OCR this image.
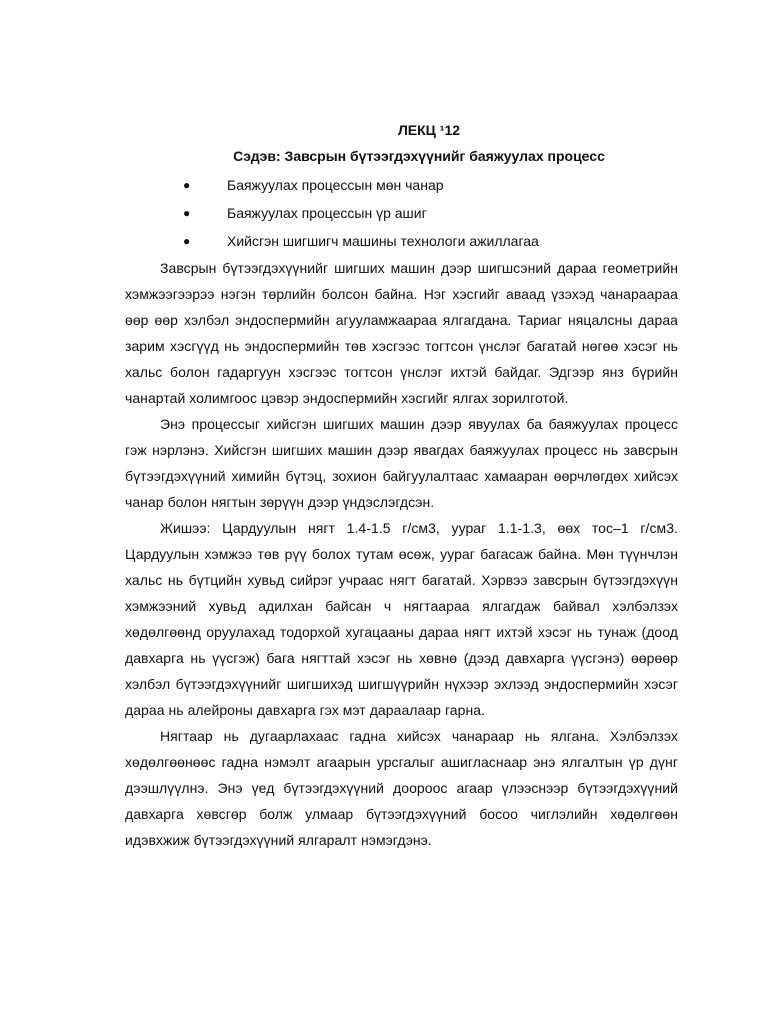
ЛЕКЦ ¹12
Сэдэв: Завсрын бүтээгдэхүүнийг баяжуулах процесс
●	Баяжуулах процессын мөн чанар
●	Баяжуулах процессын үр ашиг
●	Хийсгэн шигшигч машины технологи ажиллагаа

Завсрын бүтээгдэхүүнийг шигших машин дээр шигшсэний дараа геометрийн хэмжээгээрээ нэгэн төрлийн болсон байна. Нэг хэсгийг аваад үзэхэд чанараараа өөр өөр хэлбэл эндоспермийн агууламжаараа ялгагдана. Тариаг няцалсны дараа зарим хэсгүүд нь эндоспермийн төв хэсгээс тогтсон үнслэг багатай нөгөө хэсэг нь хальс болон гадаргуун хэсгээс тогтсон үнслэг ихтэй байдаг. Эдгээр янз бүрийн чанартай холимгоос цэвэр эндоспермийн хэсгийг ялгах зорилготой.

Энэ процессыг хийсгэн шигших машин дээр явуулах ба баяжуулах процесс гэж нэрлэнэ. Хийсгэн шигших машин дээр явагдах баяжуулах процесс нь завсрын бүтээгдэхүүний химийн бүтэц, зохион байгуулалтаас хамааран өөрчлөгдөх хийсэх чанар болон нягтын зөрүүн дээр үндэслэгдсэн.

Жишээ: Цардуулын нягт 1.4-1.5 г/см3, уураг 1.1-1.3, өөх тос–1 г/см3. Цардуулын хэмжээ төв рүү болох тутам өсөж, уураг багасаж байна. Мөн түүнчлэн хальс нь бүтцийн хувьд сийрэг учраас нягт багатай. Хэрвээ завсрын бүтээгдэхүүн хэмжээний хувьд адилхан байсан ч нягтаараа ялгагдаж байвал хэлбэлзэх хөдөлгөөнд оруулахад тодорхой хугацааны дараа нягт ихтэй хэсэг нь тунаж (доод давхарга нь үүсгэж) бага нягттай хэсэг нь хөвнө (дээд давхарга үүсгэнэ) өөрөөр хэлбэл бүтээгдэхүүнийг шигшихэд шигшүүрийн нүхээр эхлээд эндоспермийн хэсэг дараа нь алейроны давхарга гэх мэт дараалаар гарна.

Нягтаар нь дугаарлахаас гадна хийсэх чанараар нь ялгана. Хэлбэлзэх хөдөлгөөнөөс гадна нэмэлт агаарын урсгалыг ашигласнаар энэ ялгалтын үр дүнг дээшлүүлнэ. Энэ үед бүтээгдэхүүний доороос агаар үлээснээр бүтээгдэхүүний давхарга хөвсгөр болж улмаар бүтээгдэхүүний босоо чиглэлийн хөдөлгөөн идэвхжиж бүтээгдэхүүний ялгаралт нэмэгдэнэ.
